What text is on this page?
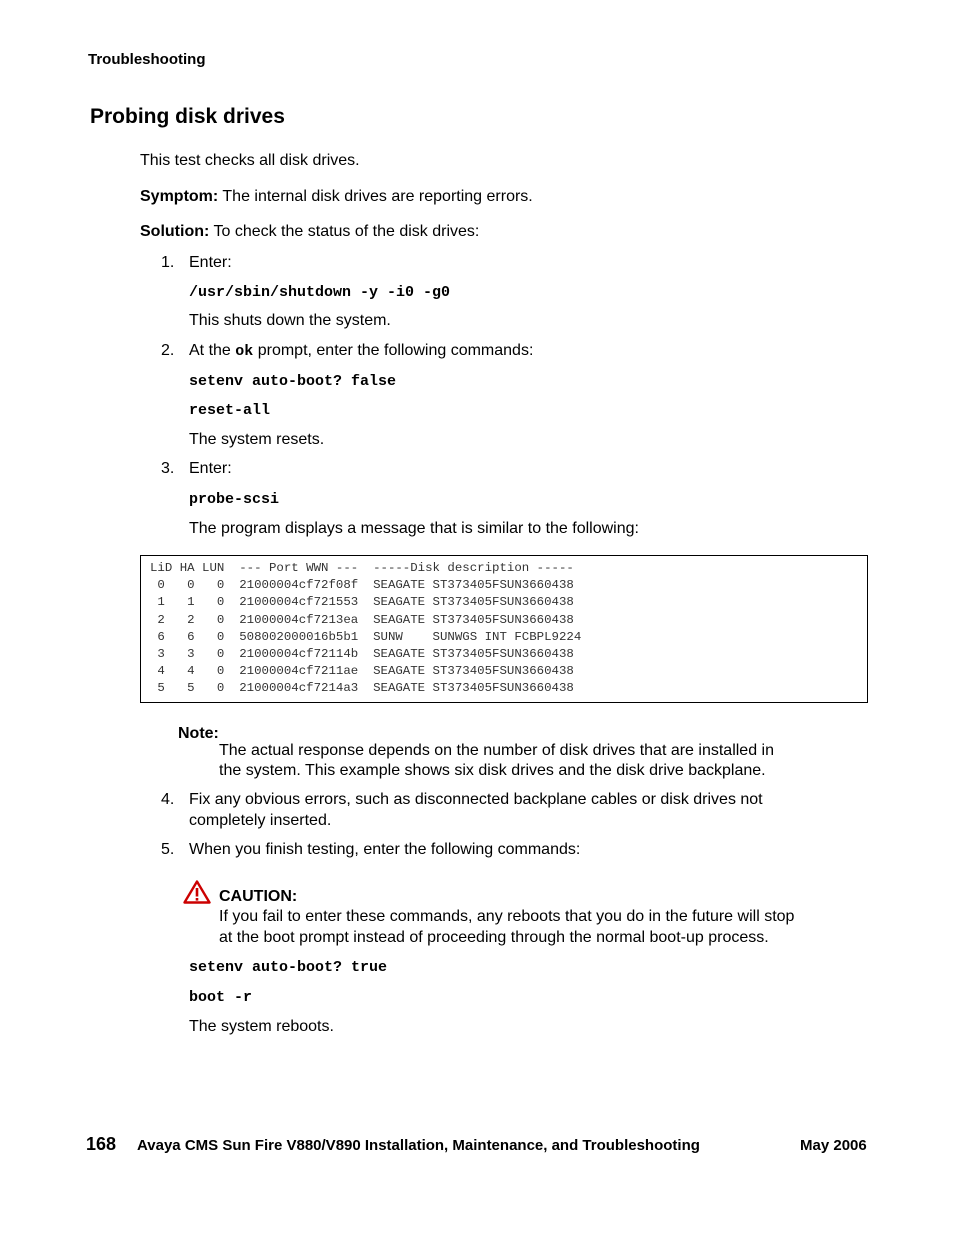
Troubleshooting
Probing disk drives
This test checks all disk drives.
Symptom: The internal disk drives are reporting errors.
Solution: To check the status of the disk drives:
1. Enter:
/usr/sbin/shutdown -y -i0 -g0
This shuts down the system.
2. At the ok prompt, enter the following commands:
setenv auto-boot? false
reset-all
The system resets.
3. Enter:
probe-scsi
The program displays a message that is similar to the following:
LiD HA LUN  --- Port WWN ---  -----Disk description -----
0   0   0  21000004cf72f08f  SEAGATE ST373405FSUN3660438
1   1   0  21000004cf721553  SEAGATE ST373405FSUN3660438
2   2   0  21000004cf7213ea  SEAGATE ST373405FSUN3660438
6   6   0  508002000016b5b1  SUNW    SUNWGS INT FCBPL9224
3   3   0  21000004cf72114b  SEAGATE ST373405FSUN3660438
4   4   0  21000004cf7211ae  SEAGATE ST373405FSUN3660438
5   5   0  21000004cf7214a3  SEAGATE ST373405FSUN3660438
Note:
The actual response depends on the number of disk drives that are installed in
the system. This example shows six disk drives and the disk drive backplane.
4. Fix any obvious errors, such as disconnected backplane cables or disk drives not
completely inserted.
5. When you finish testing, enter the following commands:
CAUTION:
If you fail to enter these commands, any reboots that you do in the future will stop
at the boot prompt instead of proceeding through the normal boot-up process.
setenv auto-boot? true
boot -r
The system reboots.
168 Avaya CMS Sun Fire V880/V890 Installation, Maintenance, and Troubleshooting	May 2006
